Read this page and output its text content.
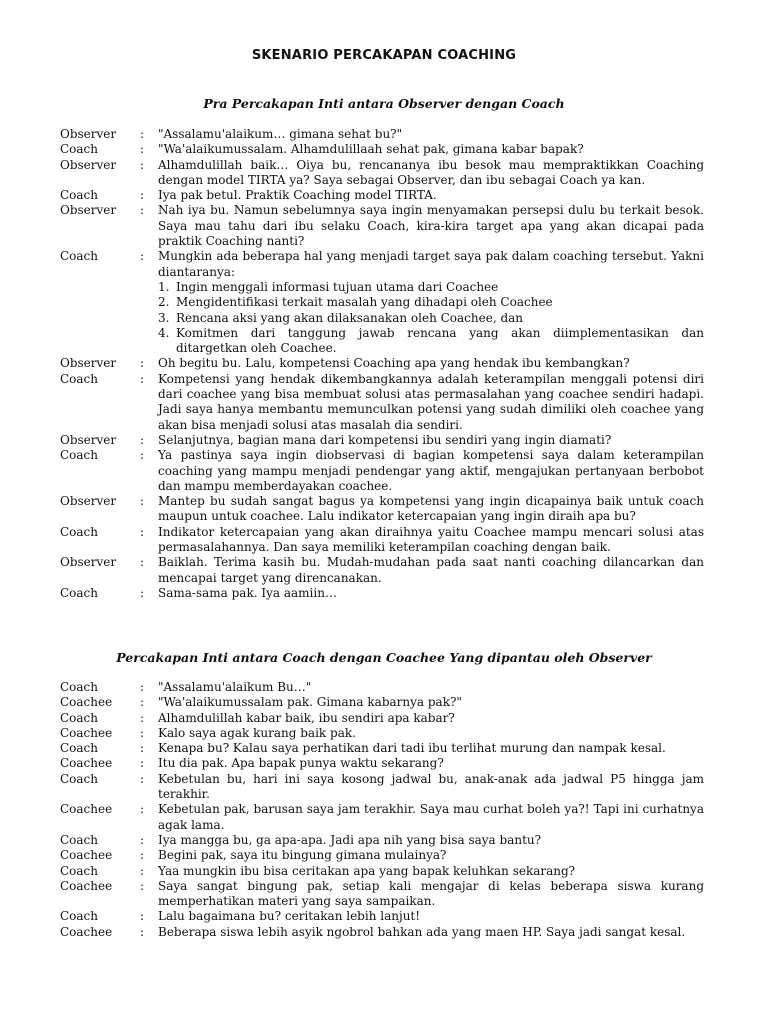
SKENARIO PERCAKAPAN COACHING
Pra Percakapan Inti antara Observer dengan Coach
Observer	:	"Assalamu'alaikum… gimana sehat bu?"
Coach	:	"Wa'alaikumussalam. Alhamdulillaah sehat pak, gimana kabar bapak?
Observer	:	Alhamdulillah baik… Oiya bu, rencananya ibu besok mau mempraktikkan Coaching dengan model TIRTA ya? Saya sebagai Observer, dan ibu sebagai Coach ya kan.
Coach	:	Iya pak betul. Praktik Coaching model TIRTA.
Observer	:	Nah iya bu. Namun sebelumnya saya ingin menyamakan persepsi dulu bu terkait besok. Saya mau tahu dari ibu selaku Coach, kira-kira target apa yang akan dicapai pada praktik Coaching nanti?
Coach	:	Mungkin ada beberapa hal yang menjadi target saya pak dalam coaching tersebut. Yakni diantaranya:
1. Ingin menggali informasi tujuan utama dari Coachee
2. Mengidentifikasi terkait masalah yang dihadapi oleh Coachee
3. Rencana aksi yang akan dilaksanakan oleh Coachee, dan
4. Komitmen dari tanggung jawab rencana yang akan diimplementasikan dan ditargetkan oleh Coachee.
Observer	:	Oh begitu bu. Lalu, kompetensi Coaching apa yang hendak ibu kembangkan?
Coach	:	Kompetensi yang hendak dikembangkannya adalah keterampilan menggali potensi diri dari coachee yang bisa membuat solusi atas permasalahan yang coachee sendiri hadapi. Jadi saya hanya membantu memunculkan potensi yang sudah dimiliki oleh coachee yang akan bisa menjadi solusi atas masalah dia sendiri.
Observer	:	Selanjutnya, bagian mana dari kompetensi ibu sendiri yang ingin diamati?
Coach	:	Ya pastinya saya ingin diobservasi di bagian kompetensi saya dalam keterampilan coaching yang mampu menjadi pendengar yang aktif, mengajukan pertanyaan berbobot dan mampu memberdayakan coachee.
Observer	:	Mantep bu sudah sangat bagus ya kompetensi yang ingin dicapainya baik untuk coach maupun untuk coachee. Lalu indikator ketercapaian yang ingin diraih apa bu?
Coach	:	Indikator ketercapaian yang akan diraihnya yaitu Coachee mampu mencari solusi atas permasalahannya. Dan saya memiliki keterampilan coaching dengan baik.
Observer	:	Baiklah. Terima kasih bu. Mudah-mudahan pada saat nanti coaching dilancarkan dan mencapai target yang direncanakan.
Coach	:	Sama-sama pak. Iya aamiin…
Percakapan Inti antara Coach dengan Coachee Yang dipantau oleh Observer
Coach	:	"Assalamu'alaikum Bu…"
Coachee	:	"Wa'alaikumussalam pak. Gimana kabarnya pak?"
Coach	:	Alhamdulillah kabar baik, ibu sendiri apa kabar?
Coachee	:	Kalo saya agak kurang baik pak.
Coach	:	Kenapa bu? Kalau saya perhatikan dari tadi ibu terlihat murung dan nampak kesal.
Coachee	:	Itu dia pak. Apa bapak punya waktu sekarang?
Coach	:	Kebetulan bu, hari ini saya kosong jadwal bu, anak-anak ada jadwal P5 hingga jam terakhir.
Coachee	:	Kebetulan pak, barusan saya jam terakhir. Saya mau curhat boleh ya?! Tapi ini curhatnya agak lama.
Coach	:	Iya mangga bu, ga apa-apa. Jadi apa nih yang bisa saya bantu?
Coachee	:	Begini pak, saya itu bingung gimana mulainya?
Coach	:	Yaa mungkin ibu bisa ceritakan apa yang bapak keluhkan sekarang?
Coachee	:	Saya sangat bingung pak, setiap kali mengajar di kelas beberapa siswa kurang memperhatikan materi yang saya sampaikan.
Coach	:	Lalu bagaimana bu? ceritakan lebih lanjut!
Coachee	:	Beberapa siswa lebih asyik ngobrol bahkan ada yang maen HP. Saya jadi sangat kesal.
